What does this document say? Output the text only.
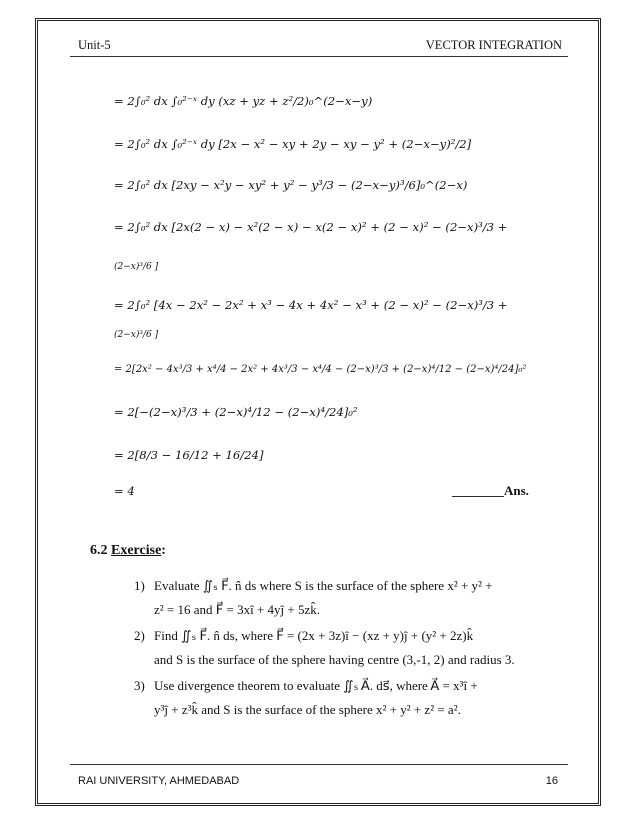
Unit-5	VECTOR INTEGRATION
= 2∫₀² dx ∫₀²⁻ˣ dy (xz + yz + z²/2)₀^(2−x−y)
= 2∫₀² dx ∫₀²⁻ˣ dy [2x − x² − xy + 2y − xy − y² + (2−x−y)²/2]
= 2∫₀² dx [2xy − x²y − xy² + y² − y³/3 − (2−x−y)³/6]₀^(2−x)
= 2∫₀² dx [2x(2 − x) − x²(2 − x) − x(2 − x)² + (2 − x)² − (2−x)³/3 +
(2−x)³/6 ]
= 2∫₀² [4x − 2x² − 2x² + x³ − 4x + 4x² − x³ + (2 − x)² − (2−x)³/3 +
(2−x)³/6 ]
= 2[2x² − 4x³/3 + x⁴/4 − 2x² + 4x³/3 − x⁴/4 − (2−x)³/3 + (2−x)⁴/12 − (2−x)⁴/24]₀²
= 2[−(2−x)³/3 + (2−x)⁴/12 − (2−x)⁴/24]₀²
= 2[8/3 − 16/12 + 16/24]
= 4	________Ans.
6.2 Exercise:
1) Evaluate ∬ₛ F⃗. n̂ ds where S is the surface of the sphere x² + y² +
z² = 16 and F⃗ = 3xî + 4yĵ + 5zk̂.
2) Find ∬ₛ F⃗. n̂ ds, where F⃗ = (2x + 3z)î − (xz + y)ĵ + (y² + 2z)k̂
and S is the surface of the sphere having centre (3,-1, 2) and radius 3.
3) Use divergence theorem to evaluate ∬ₛ A⃗. ds⃗, where A⃗ = x³î +
y³ĵ + z³k̂ and S is the surface of the sphere x² + y² + z² = a².
RAI UNIVERSITY, AHMEDABAD	16
